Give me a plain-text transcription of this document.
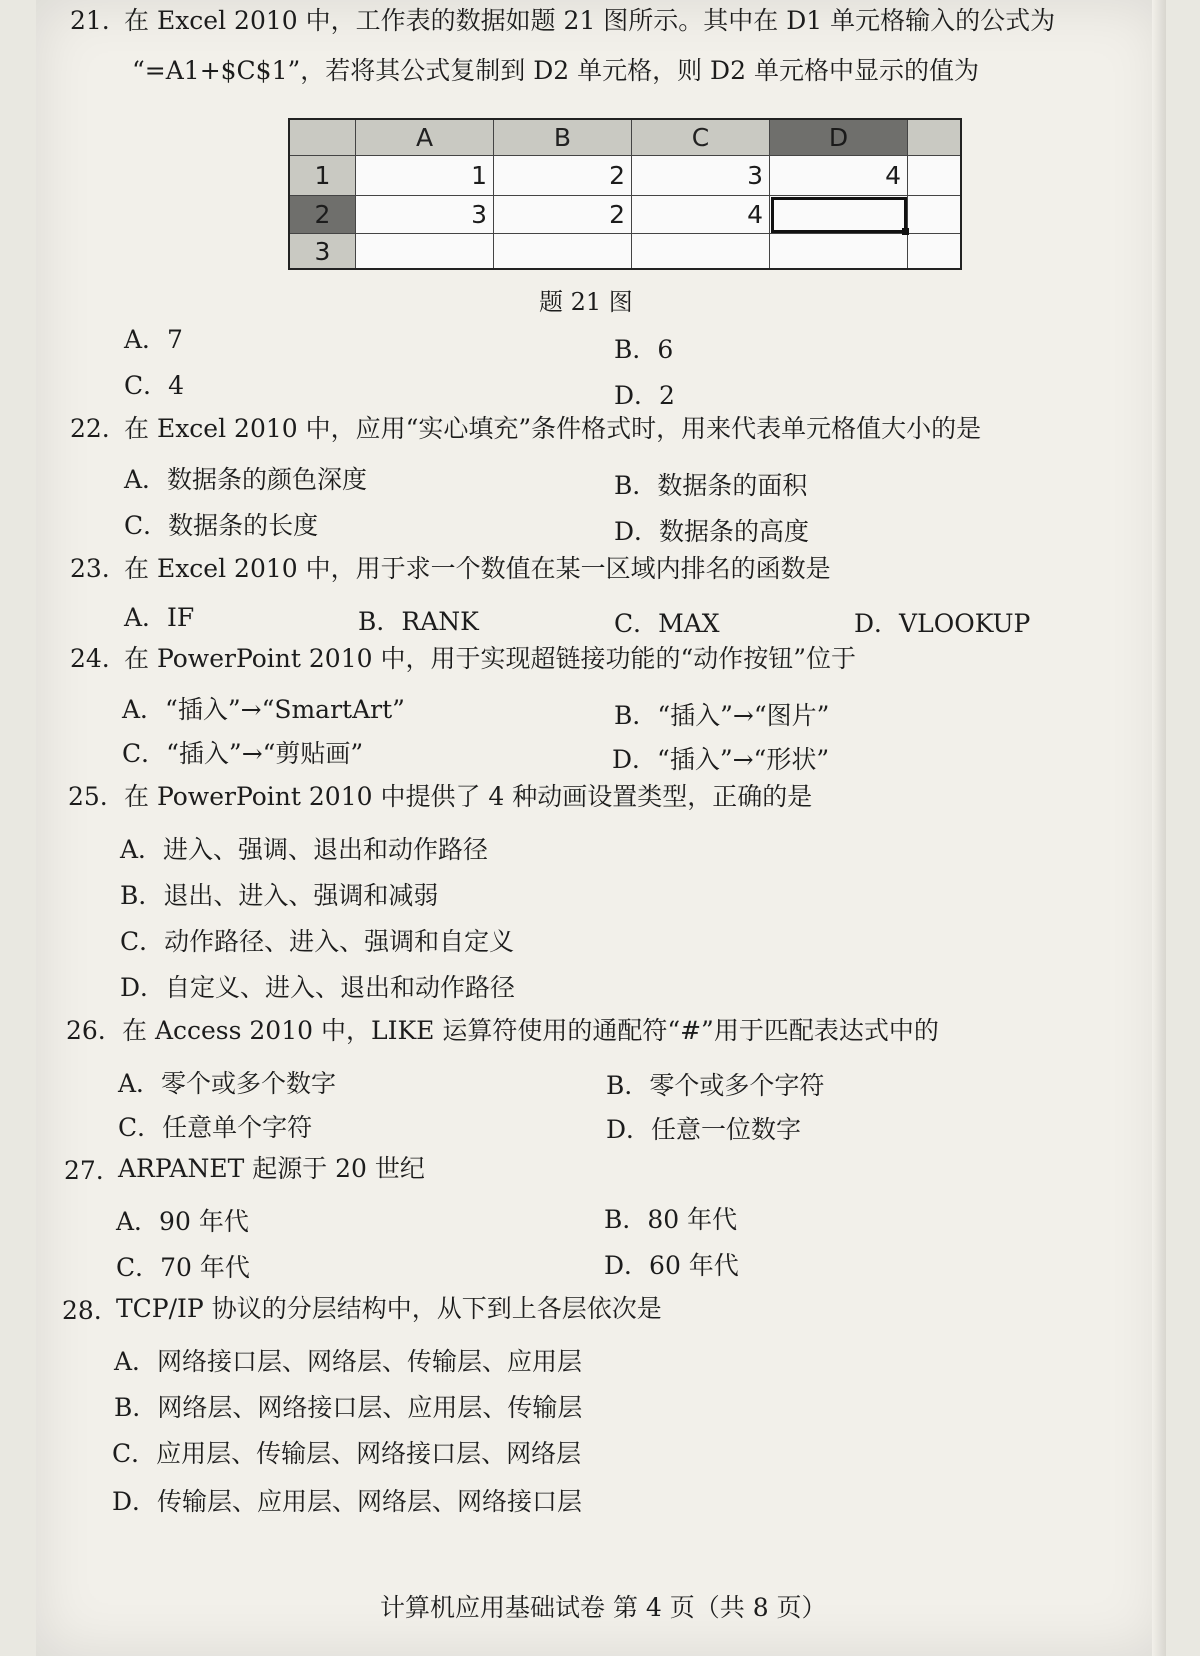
21. 在 Excel 2010 中，工作表的数据如题 21 图所示。其中在 D1 单元格输入的公式为
“=A1+$C$1”，若将其公式复制到 D2 单元格，则 D2 单元格中显示的值为
A	B	C	D
1	1	2	3	4
2	3	2	4
3
题 21 图
A．7	B．6
C．4	D．2
22. 在 Excel 2010 中，应用“实心填充”条件格式时，用来代表单元格值大小的是
A．数据条的颜色深度	B．数据条的面积
C．数据条的长度	D．数据条的高度
23. 在 Excel 2010 中，用于求一个数值在某一区域内排名的函数是
A．IF	B．RANK	C．MAX	D．VLOOKUP
24. 在 PowerPoint 2010 中，用于实现超链接功能的“动作按钮”位于
A．“插入”→“SmartArt”	B．“插入”→“图片”
C．“插入”→“剪贴画”	D．“插入”→“形状”
25. 在 PowerPoint 2010 中提供了 4 种动画设置类型，正确的是
A．进入、强调、退出和动作路径
B．退出、进入、强调和减弱
C．动作路径、进入、强调和自定义
D．自定义、进入、退出和动作路径
26. 在 Access 2010 中，LIKE 运算符使用的通配符“#”用于匹配表达式中的
A．零个或多个数字	B．零个或多个字符
C．任意单个字符	D．任意一位数字
27. ARPANET 起源于 20 世纪
A．90 年代	B．80 年代
C．70 年代	D．60 年代
28. TCP/IP 协议的分层结构中，从下到上各层依次是
A．网络接口层、网络层、传输层、应用层
B．网络层、网络接口层、应用层、传输层
C．应用层、传输层、网络接口层、网络层
D．传输层、应用层、网络层、网络接口层
计算机应用基础试卷 第 4 页（共 8 页）
